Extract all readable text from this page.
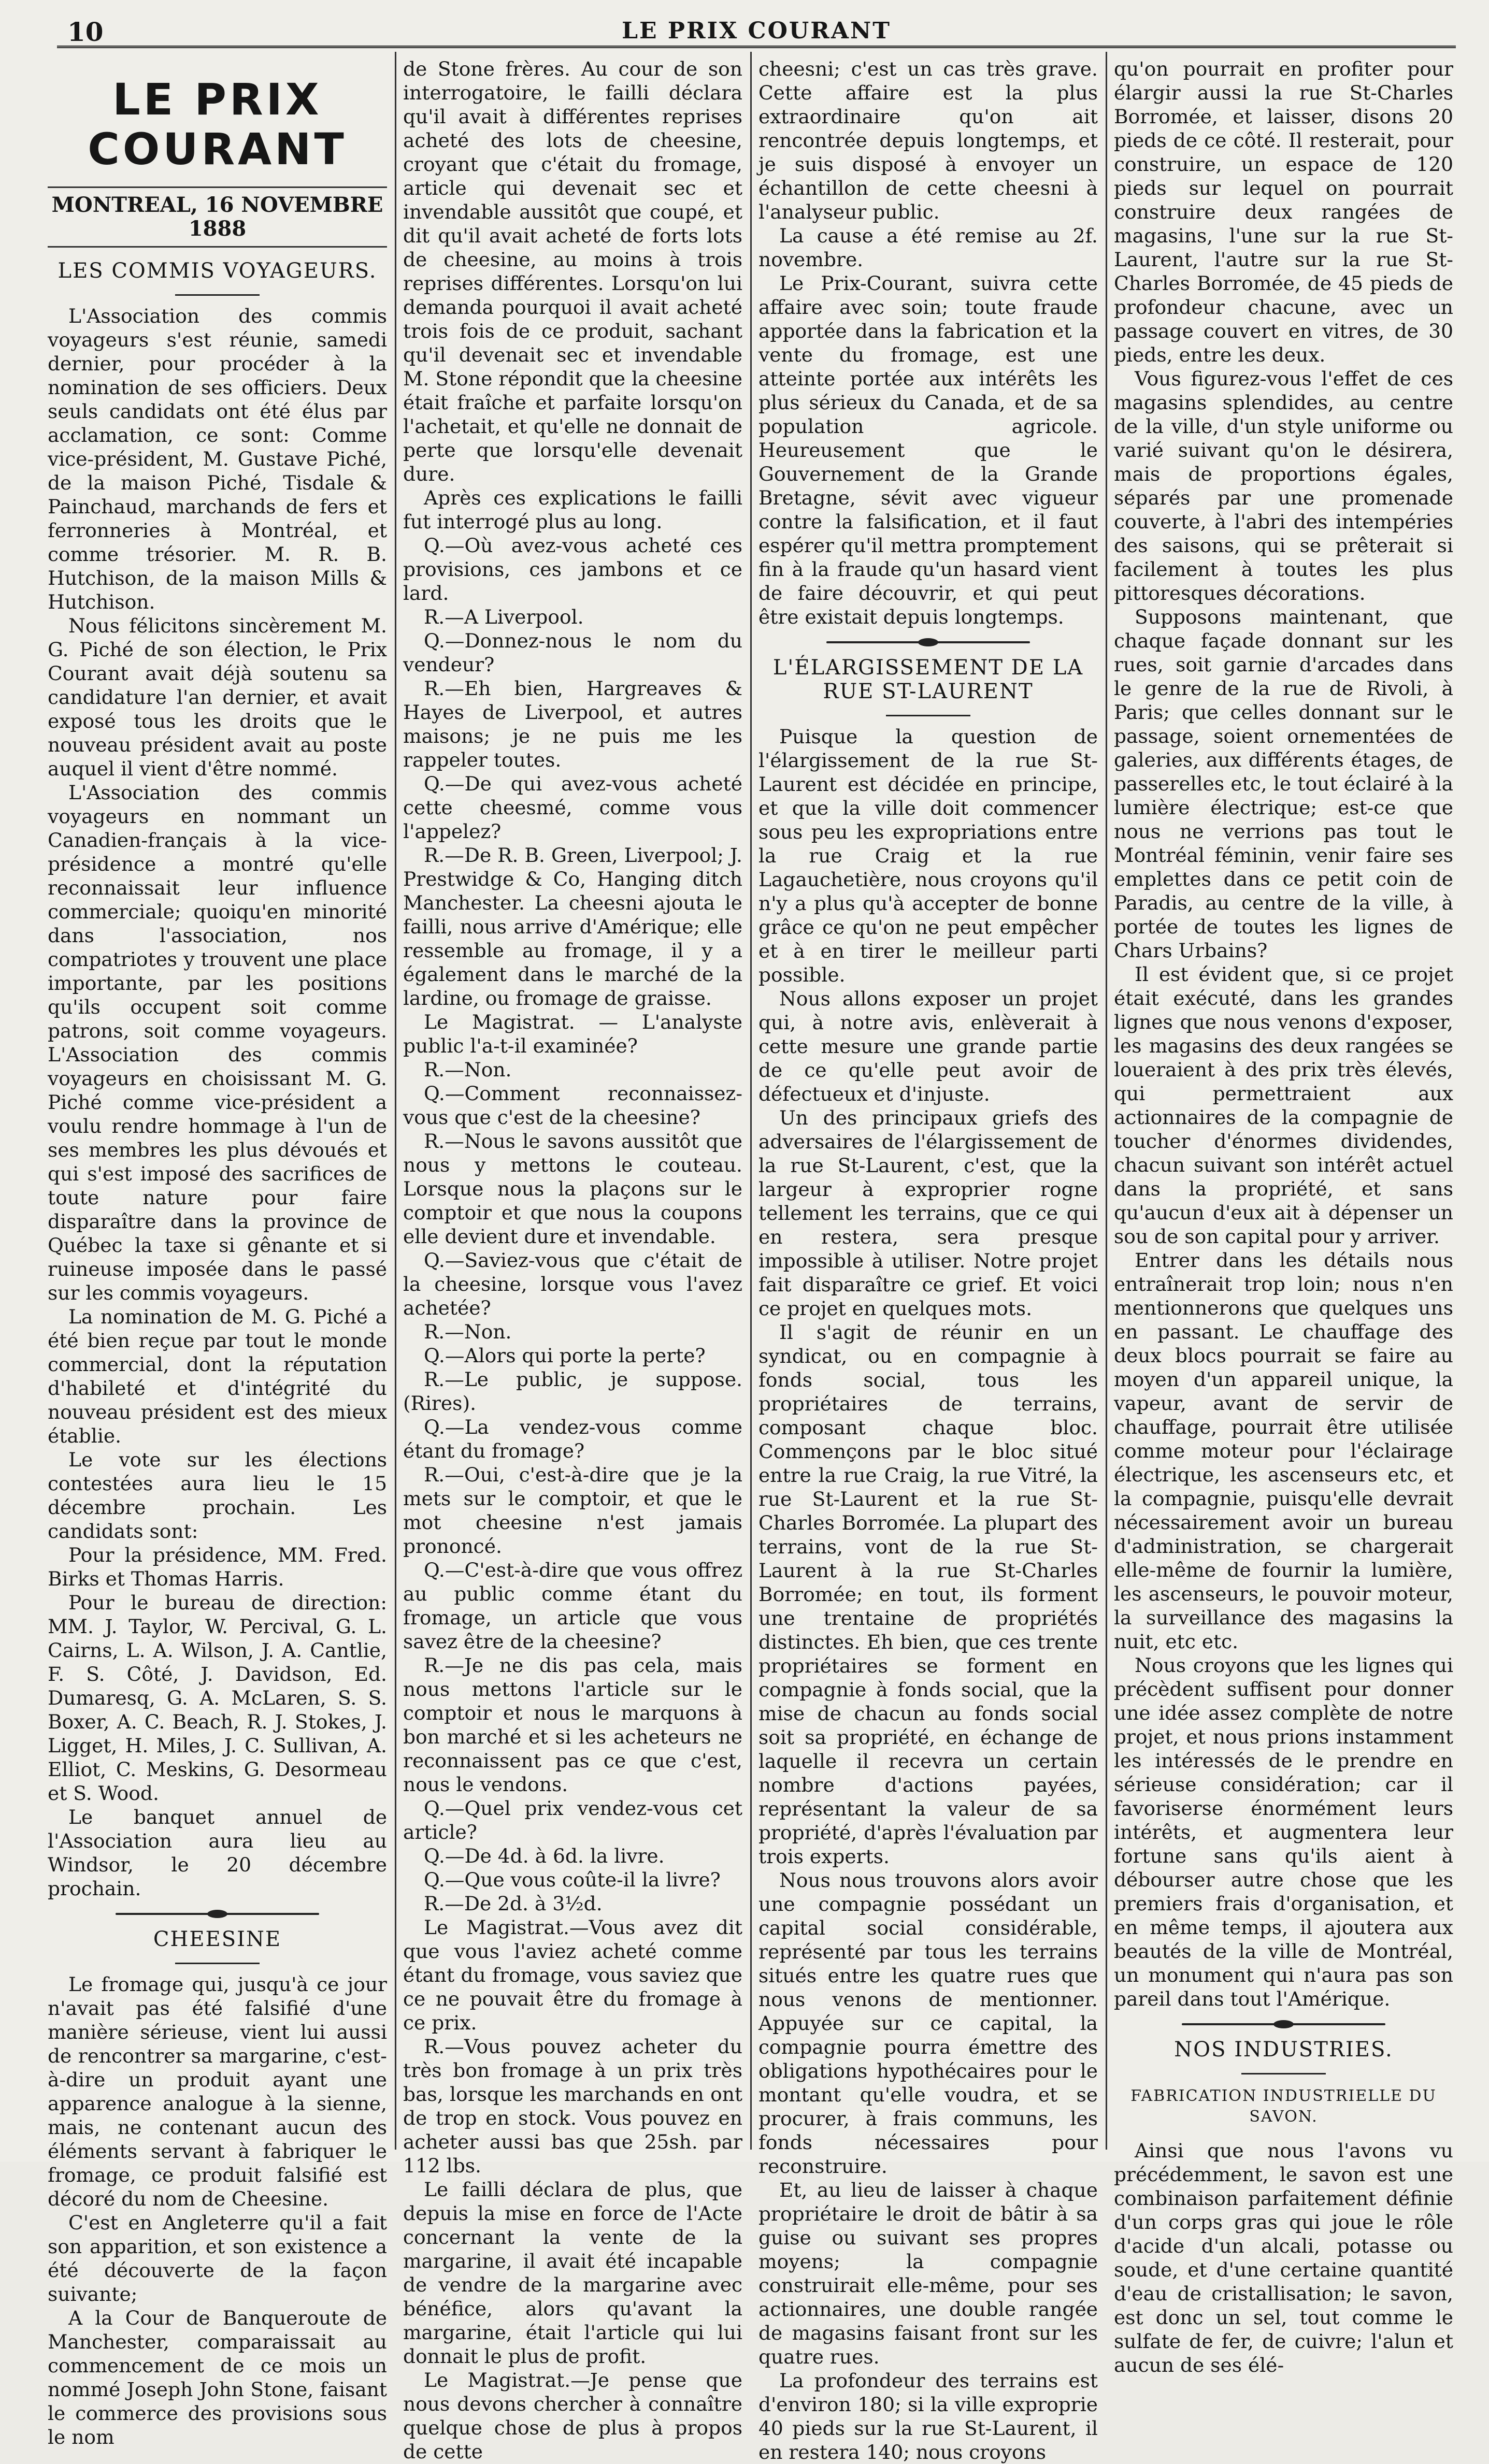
10	LE PRIX COURANT
LE PRIX COURANT
MONTREAL, 16 NOVEMBRE 1888
LES COMMIS VOYAGEURS.

L'Association des commis voyageurs s'est réunie, samedi dernier, pour procéder à la nomination de ses officiers. Deux seuls candidats ont été élus par acclamation, ce sont: Comme vice-président, M. Gustave Piché, de la maison Piché, Tisdale & Painchaud, marchands de fers et ferronneries à Montréal, et comme trésorier. M. R. B. Hutchison, de la maison Mills & Hutchison.

Nous félicitons sincèrement M. G. Piché de son élection, le Prix Courant avait déjà soutenu sa candidature l'an dernier, et avait exposé tous les droits que le nouveau président avait au poste auquel il vient d'être nommé.

L'Association des commis voyageurs en nommant un Canadien-français à la vice-présidence a montré qu'elle reconnaissait leur influence commerciale; quoiqu'en minorité dans l'association, nos compatriotes y trouvent une place importante, par les positions qu'ils occupent soit comme patrons, soit comme voyageurs. L'Association des commis voyageurs en choisissant M. G. Piché comme vice-président a voulu rendre hommage à l'un de ses membres les plus dévoués et qui s'est imposé des sacrifices de toute nature pour faire disparaître dans la province de Québec la taxe si gênante et si ruineuse imposée dans le passé sur les commis voyageurs.

La nomination de M. G. Piché a été bien reçue par tout le monde commercial, dont la réputation d'habileté et d'intégrité du nouveau président est des mieux établie.

Le vote sur les élections contestées aura lieu le 15 décembre prochain. Les candidats sont:

Pour la présidence, MM. Fred. Birks et Thomas Harris.

Pour le bureau de direction: MM. J. Taylor, W. Percival, G. L. Cairns, L. A. Wilson, J. A. Cantlie, F. S. Côté, J. Davidson, Ed. Dumaresq, G. A. McLaren, S. S. Boxer, A. C. Beach, R. J. Stokes, J. Ligget, H. Miles, J. C. Sullivan, A. Elliot, C. Meskins, G. Desormeau et S. Wood.

Le banquet annuel de l'Association aura lieu au Windsor, le 20 décembre prochain.

CHEESINE

Le fromage qui, jusqu'à ce jour n'avait pas été falsifié d'une manière sérieuse, vient lui aussi de rencontrer sa margarine, c'est-à-dire un produit ayant une apparence analogue à la sienne, mais, ne contenant aucun des éléments servant à fabriquer le fromage, ce produit falsifié est décoré du nom de Cheesine.

C'est en Angleterre qu'il a fait son apparition, et son existence a été découverte de la façon suivante;

A la Cour de Banqueroute de Manchester, comparaissait au commencement de ce mois un nommé Joseph John Stone, faisant le commerce des provisions sous le nom

de Stone frères. Au cour de son interrogatoire, le failli déclara qu'il avait à différentes reprises acheté des lots de cheesine, croyant que c'était du fromage, article qui devenait sec et invendable aussitôt que coupé, et dit qu'il avait acheté de forts lots de cheesine, au moins à trois reprises différentes. Lorsqu'on lui demanda pourquoi il avait acheté trois fois de ce produit, sachant qu'il devenait sec et invendable M. Stone répondit que la cheesine était fraîche et parfaite lorsqu'on l'achetait, et qu'elle ne donnait de perte que lorsqu'elle devenait dure.

Après ces explications le failli fut interrogé plus au long.

Q.—Où avez-vous acheté ces provisions, ces jambons et ce lard.

R.—A Liverpool.

Q.—Donnez-nous le nom du vendeur?

R.—Eh bien, Hargreaves & Hayes de Liverpool, et autres maisons; je ne puis me les rappeler toutes.

Q.—De qui avez-vous acheté cette cheesmé, comme vous l'appelez?

R.—De R. B. Green, Liverpool; J. Prestwidge & Co, Hanging ditch Manchester. La cheesni ajouta le failli, nous arrive d'Amérique; elle ressemble au fromage, il y a également dans le marché de la lardine, ou fromage de graisse.

Le Magistrat. — L'analyste public l'a-t-il examinée?

R.—Non.

Q.—Comment reconnaissez-vous que c'est de la cheesine?

R.—Nous le savons aussitôt que nous y mettons le couteau. Lorsque nous la plaçons sur le comptoir et que nous la coupons elle devient dure et invendable.

Q.—Saviez-vous que c'était de la cheesine, lorsque vous l'avez achetée?

R.—Non.

Q.—Alors qui porte la perte?

R.—Le public, je suppose. (Rires).

Q.—La vendez-vous comme étant du fromage?

R.—Oui, c'est-à-dire que je la mets sur le comptoir, et que le mot cheesine n'est jamais prononcé.

Q.—C'est-à-dire que vous offrez au public comme étant du fromage, un article que vous savez être de la cheesine?

R.—Je ne dis pas cela, mais nous mettons l'article sur le comptoir et nous le marquons à bon marché et si les acheteurs ne reconnaissent pas ce que c'est, nous le vendons.

Q.—Quel prix vendez-vous cet article?

Q.—De 4d. à 6d. la livre.

Q.—Que vous coûte-il la livre?

R.—De 2d. à 3½d.

Le Magistrat.—Vous avez dit que vous l'aviez acheté comme étant du fromage, vous saviez que ce ne pouvait être du fromage à ce prix.

R.—Vous pouvez acheter du très bon fromage à un prix très bas, lorsque les marchands en ont de trop en stock. Vous pouvez en acheter aussi bas que 25sh. par 112 lbs.

Le failli déclara de plus, que depuis la mise en force de l'Acte concernant la vente de la margarine, il avait été incapable de vendre de la margarine avec bénéfice, alors qu'avant la margarine, était l'article qui lui donnait le plus de profit.

Le Magistrat.—Je pense que nous devons chercher à connaître quelque chose de plus à propos de cette

cheesni; c'est un cas très grave. Cette affaire est la plus extraordinaire qu'on ait rencontrée depuis longtemps, et je suis disposé à envoyer un échantillon de cette cheesni à l'analyseur public.

La cause a été remise au 2f. novembre.

Le Prix-Courant, suivra cette affaire avec soin; toute fraude apportée dans la fabrication et la vente du fromage, est une atteinte portée aux intérêts les plus sérieux du Canada, et de sa population agricole. Heureusement que le Gouvernement de la Grande Bretagne, sévit avec vigueur contre la falsification, et il faut espérer qu'il mettra promptement fin à la fraude qu'un hasard vient de faire découvrir, et qui peut être existait depuis longtemps.

L'ÉLARGISSEMENT DE LA RUE ST-LAURENT

Puisque la question de l'élargissement de la rue St-Laurent est décidée en principe, et que la ville doit commencer sous peu les expropriations entre la rue Craig et la rue Lagauchetière, nous croyons qu'il n'y a plus qu'à accepter de bonne grâce ce qu'on ne peut empêcher et à en tirer le meilleur parti possible.

Nous allons exposer un projet qui, à notre avis, enlèverait à cette mesure une grande partie de ce qu'elle peut avoir de défectueux et d'injuste.

Un des principaux griefs des adversaires de l'élargissement de la rue St-Laurent, c'est, que la largeur à exproprier rogne tellement les terrains, que ce qui en restera, sera presque impossible à utiliser. Notre projet fait disparaître ce grief. Et voici ce projet en quelques mots.

Il s'agit de réunir en un syndicat, ou en compagnie à fonds social, tous les propriétaires de terrains, composant chaque bloc. Commençons par le bloc situé entre la rue Craig, la rue Vitré, la rue St-Laurent et la rue St-Charles Borromée. La plupart des terrains, vont de la rue St-Laurent à la rue St-Charles Borromée; en tout, ils forment une trentaine de propriétés distinctes. Eh bien, que ces trente propriétaires se forment en compagnie à fonds social, que la mise de chacun au fonds social soit sa propriété, en échange de laquelle il recevra un certain nombre d'actions payées, représentant la valeur de sa propriété, d'après l'évaluation par trois experts.

Nous nous trouvons alors avoir une compagnie possédant un capital social considérable, représenté par tous les terrains situés entre les quatre rues que nous venons de mentionner. Appuyée sur ce capital, la compagnie pourra émettre des obligations hypothécaires pour le montant qu'elle voudra, et se procurer, à frais communs, les fonds nécessaires pour reconstruire.

Et, au lieu de laisser à chaque propriétaire le droit de bâtir à sa guise ou suivant ses propres moyens; la compagnie construirait elle-même, pour ses actionnaires, une double rangée de magasins faisant front sur les quatre rues.

La profondeur des terrains est d'environ 180; si la ville exproprie 40 pieds sur la rue St-Laurent, il en restera 140; nous croyons

qu'on pourrait en profiter pour élargir aussi la rue St-Charles Borromée, et laisser, disons 20 pieds de ce côté. Il resterait, pour construire, un espace de 120 pieds sur lequel on pourrait construire deux rangées de magasins, l'une sur la rue St-Laurent, l'autre sur la rue St-Charles Borromée, de 45 pieds de profondeur chacune, avec un passage couvert en vitres, de 30 pieds, entre les deux.

Vous figurez-vous l'effet de ces magasins splendides, au centre de la ville, d'un style uniforme ou varié suivant qu'on le désirera, mais de proportions égales, séparés par une promenade couverte, à l'abri des intempéries des saisons, qui se prêterait si facilement à toutes les plus pittoresques décorations.

Supposons maintenant, que chaque façade donnant sur les rues, soit garnie d'arcades dans le genre de la rue de Rivoli, à Paris; que celles donnant sur le passage, soient ornementées de galeries, aux différents étages, de passerelles etc, le tout éclairé à la lumière électrique; est-ce que nous ne verrions pas tout le Montréal féminin, venir faire ses emplettes dans ce petit coin de Paradis, au centre de la ville, à portée de toutes les lignes de Chars Urbains?

Il est évident que, si ce projet était exécuté, dans les grandes lignes que nous venons d'exposer, les magasins des deux rangées se loueraient à des prix très élevés, qui permettraient aux actionnaires de la compagnie de toucher d'énormes dividendes, chacun suivant son intérêt actuel dans la propriété, et sans qu'aucun d'eux ait à dépenser un sou de son capital pour y arriver.

Entrer dans les détails nous entraînerait trop loin; nous n'en mentionnerons que quelques uns en passant. Le chauffage des deux blocs pourrait se faire au moyen d'un appareil unique, la vapeur, avant de servir de chauffage, pourrait être utilisée comme moteur pour l'éclairage électrique, les ascenseurs etc, et la compagnie, puisqu'elle devrait nécessairement avoir un bureau d'administration, se chargerait elle-même de fournir la lumière, les ascenseurs, le pouvoir moteur, la surveillance des magasins la nuit, etc etc.

Nous croyons que les lignes qui précèdent suffisent pour donner une idée assez complète de notre projet, et nous prions instamment les intéressés de le prendre en sérieuse considération; car il favoriserse énormément leurs intérêts, et augmentera leur fortune sans qu'ils aient à débourser autre chose que les premiers frais d'organisation, et en même temps, il ajoutera aux beautés de la ville de Montréal, un monument qui n'aura pas son pareil dans tout l'Amérique.

NOS INDUSTRIES.
FABRICATION INDUSTRIELLE DU SAVON.

Ainsi que nous l'avons vu précédemment, le savon est une combinaison parfaitement définie d'un corps gras qui joue le rôle d'acide d'un alcali, potasse ou soude, et d'une certaine quantité d'eau de cristallisation; le savon, est donc un sel, tout comme le sulfate de fer, de cuivre; l'alun et aucun de ses élé-
